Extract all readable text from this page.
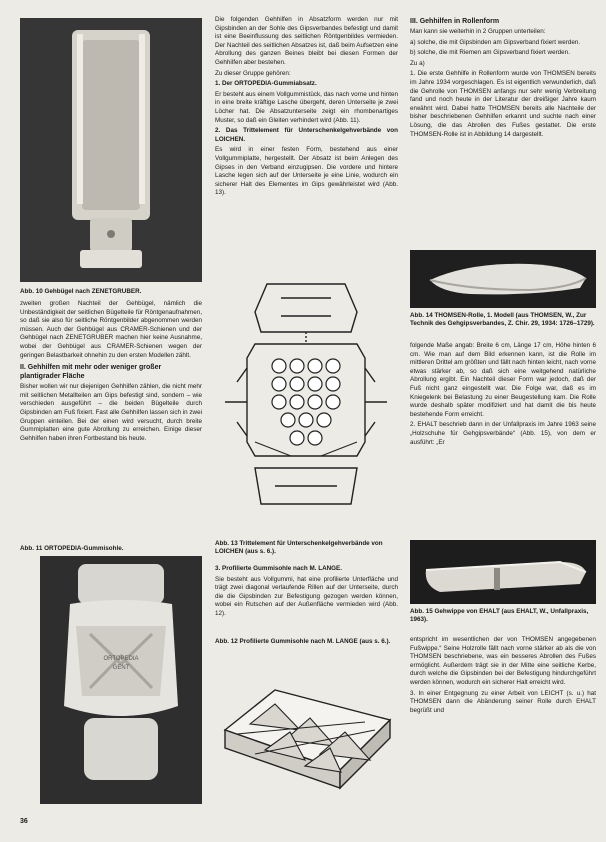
Abb. 10 Gehbügel nach ZENETGRUBER.

zweiten großen Nachteil der Gehbügel, nämlich die Unbeständigkeit der seitlichen Bügelteile für Röntgenaufnahmen, so daß sie also für seitliche Röntgenbilder abgenommen werden müssen. Auch der Gehbügel aus CRAMER-Schienen und der Gehbügel nach ZENETGRUBER machen hier keine Ausnahme, wobei der Gehbügel aus CRAMER-Schienen wegen der geringen Belastbarkeit ohnehin zu den ersten Modellen zählt.

II. Gehhilfen mit mehr oder weniger großer plantigrader Fläche

Bisher wollen wir nur diejenigen Gehhilfen zählen, die nicht mehr mit seitlichen Metallteilen am Gips befestigt sind, sondern – wie verschieden ausgeführt – die beiden Bügelteile durch Gipsbinden am Fuß fixiert. Fast alle Gehhilfen lassen sich in zwei Gruppen einteilen. Bei der einen wird versucht, durch breite Gummiplatten eine gute Abrollung zu erreichen. Einige dieser Gehhilfen haben ihren Fortbestand bis heute.

Abb. 11 ORTOPEDIA-Gummisohle.
ORTOPEDIA
GENT
36

Die folgenden Gehhilfen in Absatzform werden nur mit Gipsbinden an der Sohle des Gipsverbandes befestigt und damit ist eine Beeinflussung des seitlichen Röntgenbildes vermieden. Der Nachteil des seitlichen Absatzes ist, daß beim Aufsetzen eine Abrollung des ganzen Beines bleibt bei diesen Formen der Gehhilfen aber bestehen.

Zu dieser Gruppe gehören:

1. Der ORTOPEDIA-Gummiabsatz.

Er besteht aus einem Vollgummistück, das nach vorne und hinten in eine breite kräftige Lasche übergeht, deren Unterseite je zwei Löcher hat. Die Absatzunterseite zeigt ein rhombenartiges Muster, so daß ein Gleiten verhindert wird (Abb. 11).

2. Das Trittelement für Unterschenkelgehverbände von LOICHEN.

Es wird in einer festen Form, bestehend aus einer Vollgummiplatte, hergestellt. Der Absatz ist beim Anlegen des Gipses in den Verband einzugipsen. Die vordere und hintere Lasche legen sich auf der Unterseite je eine Linie, wodurch ein sicherer Halt des Elementes im Gips gewährleistet wird (Abb. 13).

Abb. 13 Trittelement für Unterschenkelgehverbände von LOICHEN (aus s. 6.).

3. Profilierte Gummisohle nach M. LANGE.

Sie besteht aus Vollgummi, hat eine profilierte Unterfläche und trägt zwei diagonal verlaufende Rillen auf der Unterseite, durch die die Gipsbinden zur Befestigung gezogen werden können, wobei ein Rutschen auf der Außenfläche vermieden wird (Abb. 12).

Abb. 12 Profilierte Gummisohle nach M. LANGE (aus s. 6.).
III. Gehhilfen in Rollenform

Man kann sie weiterhin in 2 Gruppen unterteilen:

a) solche, die mit Gipsbinden am Gipsverband fixiert werden.

b) solche, die mit Riemen am Gipsverband fixiert werden.

Zu a)

1. Die erste Gehhilfe in Rollenform wurde von THOMSEN bereits im Jahre 1934 vorgeschlagen. Es ist eigentlich verwunderlich, daß die Gehrolle von THOMSEN anfangs nur sehr wenig Verbreitung fand und noch heute in der Literatur der dreißiger Jahre kaum erwähnt wird. Dabei hatte THOMSEN bereits alle Nachteile der bisher beschriebenen Gehhilfen erkannt und suchte nach einer Lösung, die das Abrollen des Fußes gestattet. Die erste THOMSEN-Rolle ist in Abbildung 14 dargestellt.

Abb. 14 THOMSEN-Rolle, 1. Modell (aus THOMSEN, W., Zur Technik des Gehgipsverbandes, Z. Chir. 29, 1934: 1726–1729).

folgende Maße angab: Breite 6 cm, Länge 17 cm, Höhe hinten 6 cm. Wie man auf dem Bild erkennen kann, ist die Rolle im mittleren Drittel am größten und fällt nach hinten leicht, nach vorne etwas stärker ab, so daß sich eine weitgehend natürliche Abrollung ergibt. Ein Nachteil dieser Form war jedoch, daß der Fuß nicht ganz eingestellt war. Die Folge war, daß es im Kniegelenk bei Belastung zu einer Beugestellung kam. Die Rolle wurde deshalb später modifiziert und hat damit die bis heute bestehende Form erreicht.

2. EHALT beschrieb dann in der Unfallpraxis im Jahre 1963 seine „Holzschuhe für Gehgipsverbände“ (Abb. 15), von dem er ausführt: „Er

Abb. 15 Gehwippe von EHALT (aus EHALT, W., Unfallpraxis, 1963).

entspricht im wesentlichen der von THOMSEN angegebenen Fußwippe.“ Seine Holzrolle fällt nach vorne stärker ab als die von THOMSEN beschriebene, was ein besseres Abrollen des Fußes ermöglicht. Außerdem trägt sie in der Mitte eine seitliche Kerbe, durch welche die Gipsbinden bei der Befestigung hindurchgeführt werden können, wodurch ein sicherer Halt erreicht wird.

3. In einer Entgegnung zu einer Arbeit von LEICHT (s. u.) hat THOMSEN dann die Abänderung seiner Rolle durch EHALT begrüßt und
